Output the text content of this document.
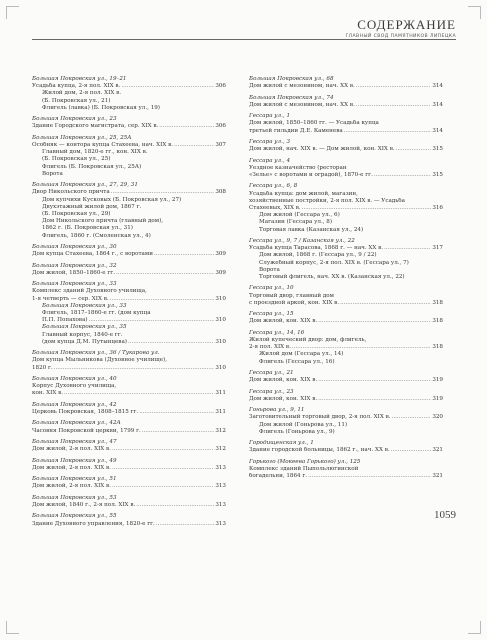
СОДЕРЖАНИЕ
ГЛАВНЫЙ СВОД ПАМЯТНИКОВ ЛИПЕЦКА
Большая Покровская ул., 19–21
Усадьба купца, 2-я пол. XIX в. .....	306
Жилой дом, 2-я пол. XIX в.
(Б. Покровская ул., 21)
Флигель (лавка) (Б. Покровская ул., 19)
Большая Покровская ул., 23
Здание Городского магистрата, сер. XIX в. .....	306
Большая Покровская ул., 25, 25А
Особняк — контора купца Стахеева, нач. XIX в. .....	307
Главный дом, 1820-е гг., кон. XIX в.
(Б. Покровская ул., 25)
Флигель (Б. Покровская ул., 25А)
Ворота
Большая Покровская ул., 27, 29, 31
Двор Никольского причта .....	308
Дом купчихи Кусковых (Б. Покровская ул., 27)
Двухэтажный жилой дом, 1867 г.
(Б. Покровская ул., 29)
Дом Никольского причта (главный дом),
1862 г. (Б. Покровская ул., 31)
Флигель, 1860 г. (Смоленская ул., 4)
Большая Покровская ул., 30
Дом купца Стахеева, 1864 г., с воротами .....	309
Большая Покровская ул., 32
Дом жилой, 1850–1860-е гг. .....	309
Большая Покровская ул., 33
Комплекс зданий Духовного училища,
1-я четверть — сер. XIX в. .....	310
Большая Покровская ул., 33
Флигель, 1817–1860-е гг. (дом купца
П.П. Попахова) .....	310
Большая Покровская ул., 35
Главный корпус, 1840-е гг.
(дом купца Д.М. Путынцева) .....	310
Большая Покровская ул., 36 / Тукарова ул.
Дом купца Мыльникова (Духовное училище),
1820 г. .....	310
Большая Покровская ул., 40
Корпус Духовного училища,
кон. XIX в. .....	311
Большая Покровская ул., 42
Церковь Покровская, 1808–1815 гг. .....	311
Большая Покровская ул., 42А
Часовня Покровской церкви, 1799 г. .....	312
Большая Покровская ул., 47
Дом жилой, 2-я пол. XIX в. .....	312
Большая Покровская ул., 49
Дом жилой, 2-я пол. XIX в. .....	313
Большая Покровская ул., 51
Дом жилой, 2-я пол. XIX в. .....	313
Большая Покровская ул., 53
Дом жилой, 1840 г., 2-я пол. XIX в. .....	313
Большая Покровская ул., 55
Здание Духовного управления, 1820-е гг. .....	313
Большая Покровская ул., 68
Дом жилой с мезонином, нач. XX в. .....	314
Большая Покровская ул., 74
Дом жилой с мезонином, нач. XX в. .....	314
Гессара ул., 1
Дом жилой, 1850–1860 гг. — Усадьба купца
третьей гильдии Д.Е. Каменева .....	314
Гессара ул., 3
Дом жилой, нач. XIX в. — Дом жилой, кон. XIX в. .....	315
Гессара ул., 4
Уездное казначейство (ресторан
«Зелье» с воротами и оградой), 1870-е гг. .....	315
Гессара ул., 6, 8
Усадьба купца: дом жилой, магазин,
хозяйственные постройки, 2-я пол. XIX в. — Усадьба
Стахеевых, XIX в. .....	316
Дом жилой (Гессара ул., 6)
Магазин (Гессара ул., 8)
Торговая лавка (Казанская ул., 24)
Гессара ул., 9, 7 / Казанская ул., 22
Усадьба купца Тарасова, 1868 г. — нач. XX в. .....	317
Дом жилой, 1868 г. (Гессара ул., 9 / 22)
Служебный корпус, 2-я пол. XIX в. (Гессара ул., 7)
Ворота
Торговый флигель, нач. XX в. (Казанская ул., 22)
Гессара ул., 10
Торговый двор, главный дом
с проездной аркой, кон. XIX в. .....	318
Гессара ул., 15
Дом жилой, кон. XIX в. .....	318
Гессара ул., 14, 16
Жилой купеческий двор: дом, флигель,
2-я пол. XIX в. .....	318
Жилой дом (Гессара ул., 14)
Флигель (Гессара ул., 16)
Гессара ул., 21
Дом жилой, кон. XIX в. .....	319
Гессара ул., 23
Дом жилой, кон. XIX в. .....	319
Гоньрова ул., 9, 11
Заготовительный торговый двор, 2-я пол. XIX в. .....	320
Дом жилой (Гоньрова ул., 11)
Флигель (Гоньрова ул., 9)
Городищенская ул., 1
Здание городской больницы, 1862 г., нач. XX в. .....	321
Горького (Мокеева Горького) ул., 125
Комплекс зданий Пыпольлюгинской
богадельни, 1864 г. .....	321
1059
